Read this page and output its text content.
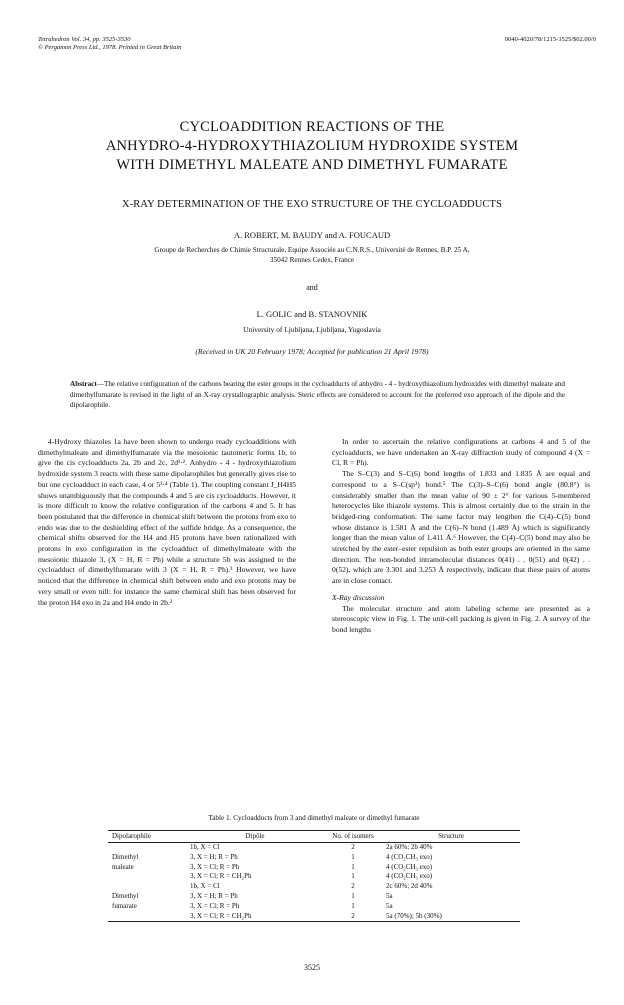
Tetrahedron Vol. 34, pp. 3525-3530
© Pergamon Press Ltd., 1978. Printed in Great Britain
0040-4020/78/1215-3525/$02.00/0
CYCLOADDITION REACTIONS OF THE
ANHYDRO-4-HYDROXYTHIAZOLIUM HYDROXIDE SYSTEM
WITH DIMETHYL MALEATE AND DIMETHYL FUMARATE
X-RAY DETERMINATION OF THE EXO STRUCTURE OF THE CYCLOADDUCTS
A. ROBERT, M. BAUDY and A. FOUCAUD
Groupe de Recherches de Chimie Structurale, Equipe Associée au C.N.R.S., Université de Rennes, B.P. 25 A,
35042 Rennes Cedex, France
and
L. GOLIC and B. STANOVNIK
University of Ljubljana, Ljubljana, Yugoslavia
(Received in UK 20 February 1978; Accepted for publication 21 April 1978)
Abstract—The relative configuration of the carbons bearing the ester groups in the cycloadducts of anhydro - 4 - hydroxythiazolium hydroxides with dimethyl maleate and dimethylfumarate is revised in the light of an X-ray crystallographic analysis. Steric effects are considered to account for the preferred exo approach of the dipole and the dipolarophile.

4-Hydroxy thiazoles 1a have been shown to undergo ready cycloadditions with dimethylmaleate and dimethylfumarate via the mesoionic tautomeric forms 1b, to give the cis cycloadducts 2a, 2b and 2c, 2d¹·². Anhydro - 4 - hydroxythiazolium hydroxide system 3 reacts with these same dipolarophiles but generally gives rise to but one cycloadduct in each case, 4 or 5³·⁴ (Table 1). The coupling constant J_H4H5 shows unambiguously that the compounds 4 and 5 are cis cycloadducts. However, it is more difficult to know the relative configuration of the carbons 4 and 5. It has been postulated that the difference in chemical shift between the protons from exo to endo was due to the deshielding effect of the sulfide bridge. As a consequence, the chemical shifts observed for the H4 and H5 protons have been rationalized with protons in exo configuration in the cycloadduct of dimethylmaleate with the mesoionic thiazole 3, (X = H, R = Ph) while a structure 5b was assigned to the cycloadduct of dimethylfumarate with 3 (X = H, R = Ph).³ However, we have noticed that the difference in chemical shift between endo and exo protons may be very small or even nill: for instance the same chemical shift has been observed for the proton H4 exo in 2a and H4 endo in 2b.²

In order to ascertain the relative configurations at carbons 4 and 5 of the cycloadducts, we have undertaken an X-ray diffraction study of compound 4 (X = Cl, R = Ph).

The S–C(3) and S–C(6) bond lengths of 1.833 and 1.835 Å are equal and correspond to a S–C(sp³) bond.⁵ The C(3)–S–C(6) bond angle (80.8°) is considerably smaller than the mean value of 90 ± 2° for various 5-membered heterocycles like thiazole systems. This is almost certainly due to the strain in the bridged-ring conformation. The same factor may lengthen the C(4)–C(5) bond whose distance is 1.581 Å and the C(6)–N bond (1.489 Å) which is significantly longer than the mean value of 1.411 Å.⁶ However, the C(4)–C(5) bond may also be stretched by the ester–ester repulsion as both ester groups are oriented in the same direction. The non-bonded intramolecular distances 0(41) . . 0(51) and 0(42) . . 0(52), which are 3.301 and 3.253 Å respectively, indicate that these pairs of atoms are in close contact.

X-Ray discussion

The molecular structure and atom labeling scheme are presented as a stereoscopic view in Fig. 1. The unit-cell packing is given in Fig. 2. A survey of the bond lengths

Table 1. Cycloadducts from 3 and dimethyl maleate or dimethyl fumarate
Dipolarophile	Dipôle	No. of isomers	Structure
	1b, X = Cl	2	2a 60%; 2b 40%
Dimethyl	3, X = H; R = Ph	1	4 (CO₂CH₃ exo)
maleate	3, X = Cl; R = Ph	1	4 (CO₂CH₃ exo)
	3, X = Cl; R = CH₂Ph	1	4 (CO₂CH₃ exo)
	1b, X = Cl	2	2c 60%; 2d 40%
Dimethyl	3, X = H; R = Ph	1	5a
fumarate	3, X = Cl; R = Ph	1	5a
	3, X = Cl; R = CH₂Ph	2	5a (70%); 5b (30%)
3525
